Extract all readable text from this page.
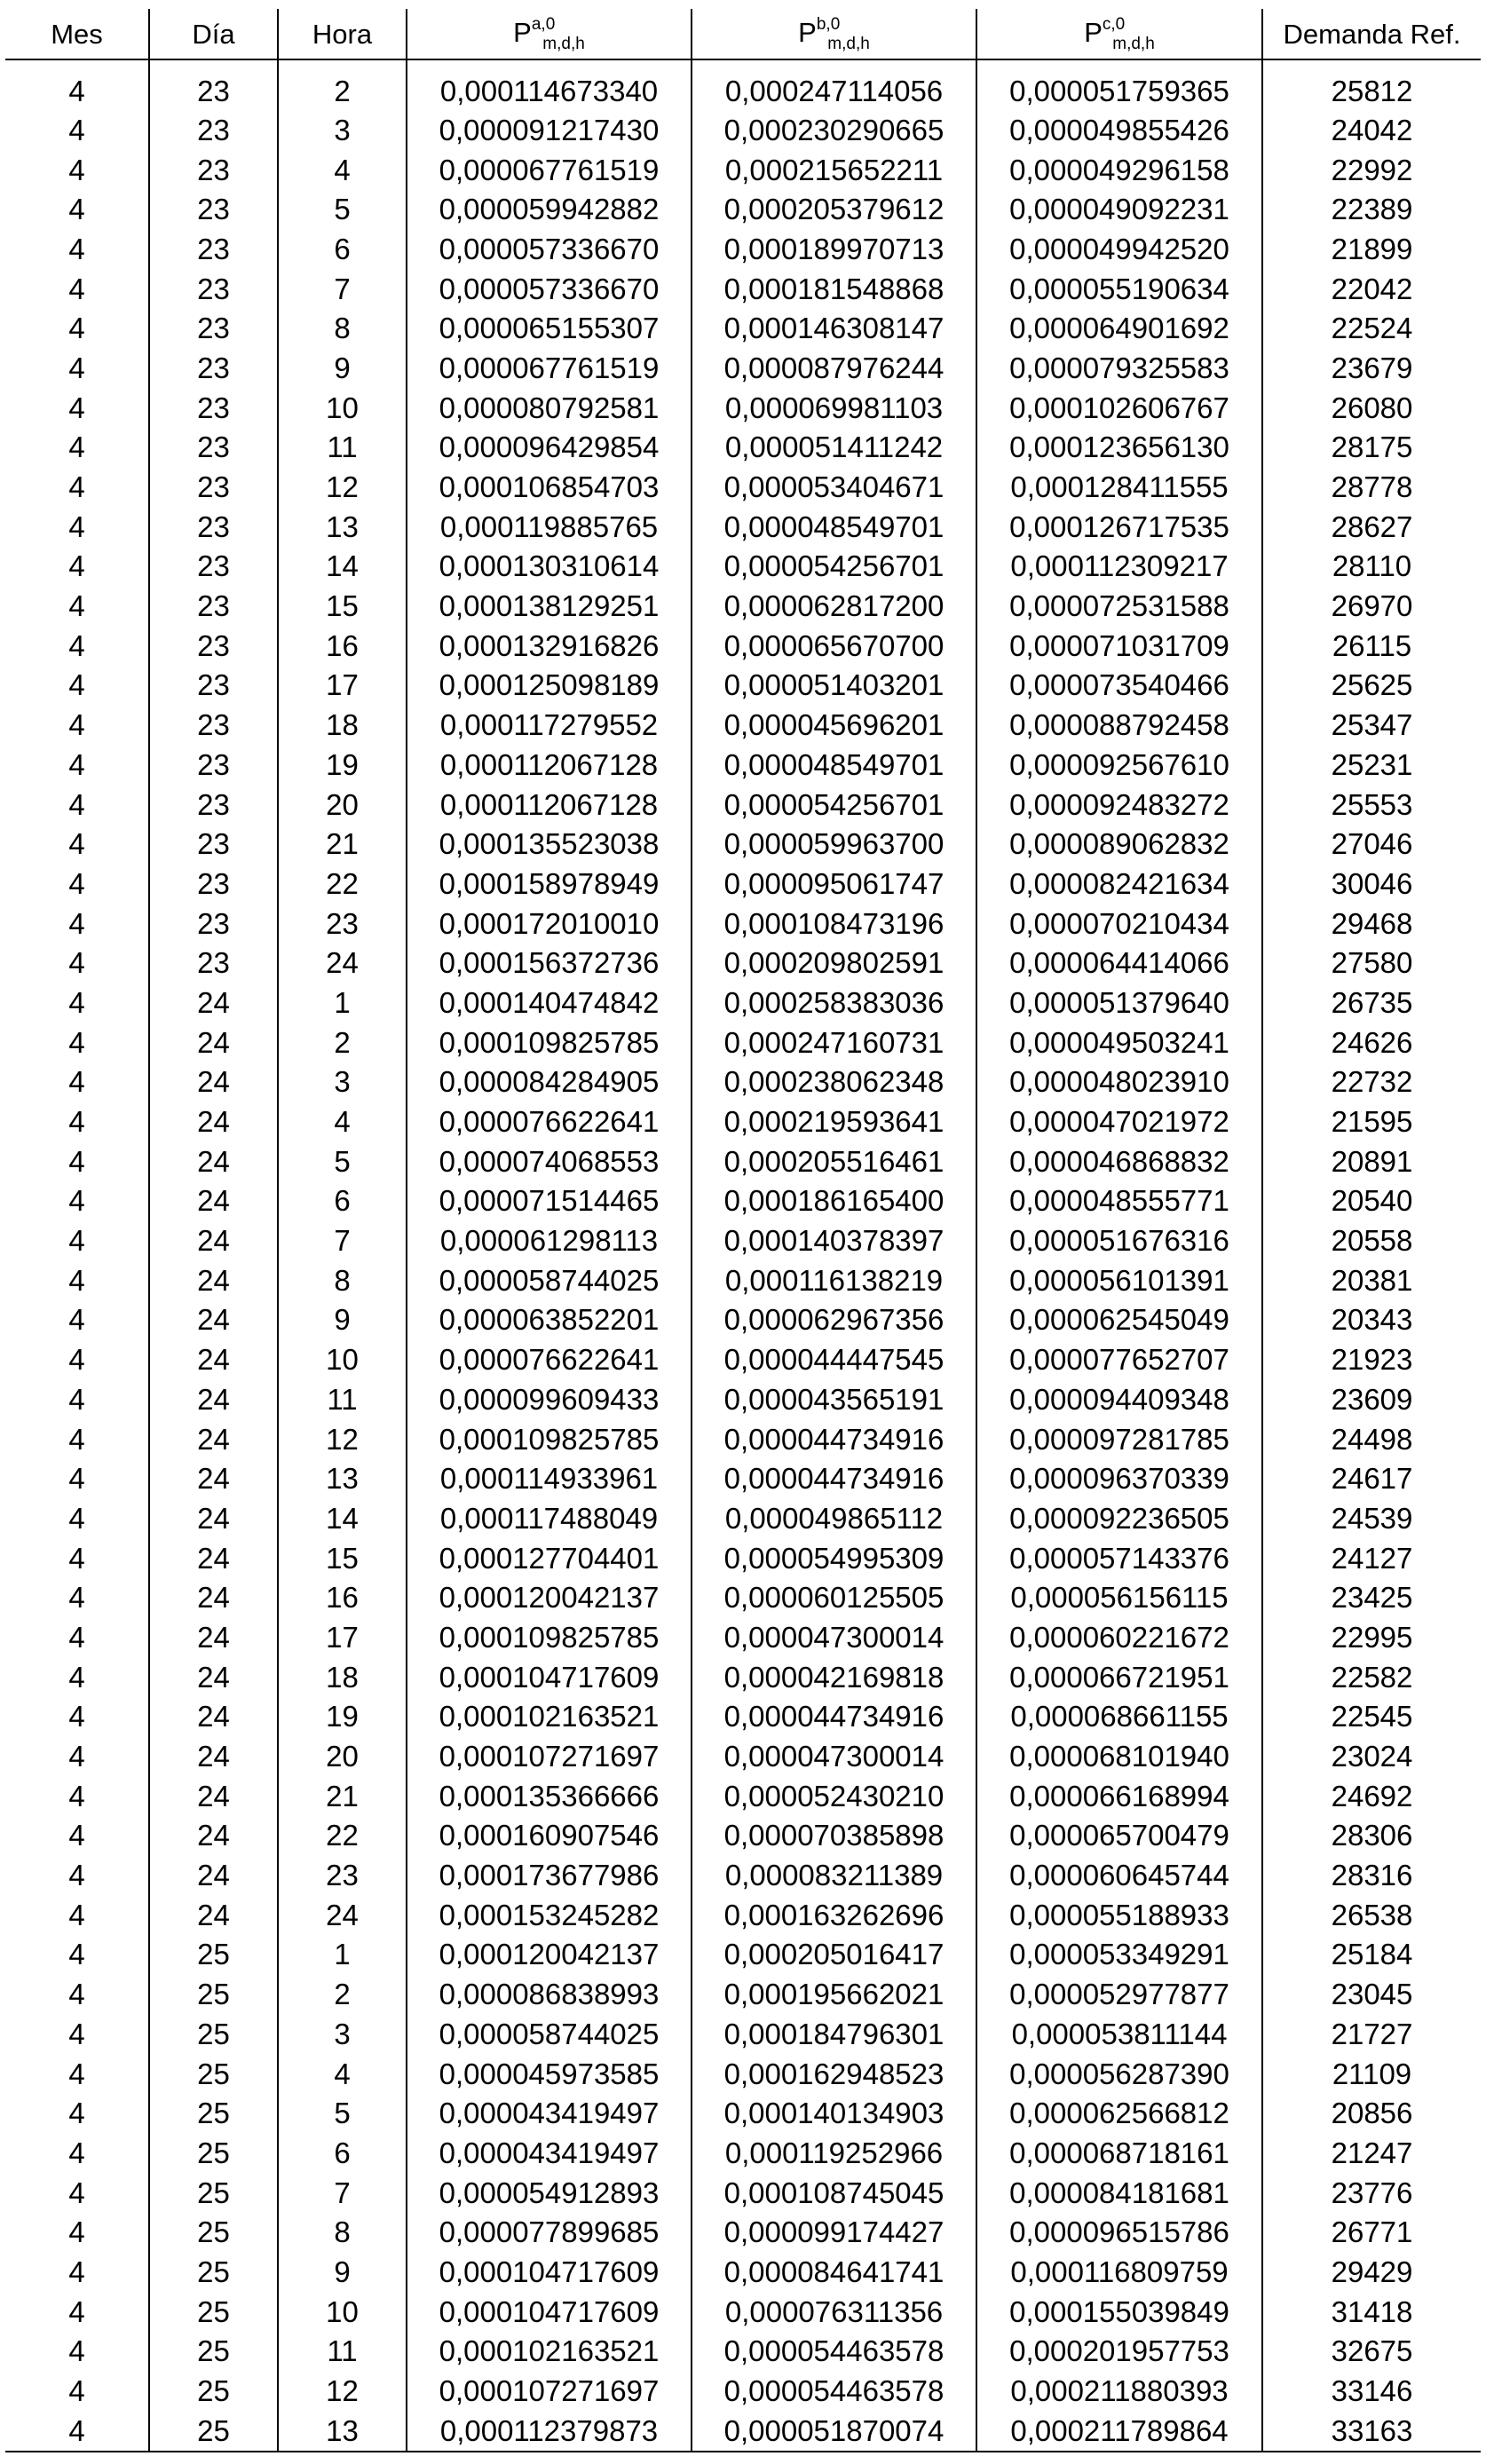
Mes	Día	Hora	P$^{a,0}_{m,d,h}$	P$^{b,0}_{m,d,h}$	P$^{c,0}_{m,d,h}$	Demanda Ref.
4	23	2	0,000114673340	0,000247114056	0,000051759365	25812
4	23	3	0,000091217430	0,000230290665	0,000049855426	24042
4	23	4	0,000067761519	0,000215652211	0,000049296158	22992
4	23	5	0,000059942882	0,000205379612	0,000049092231	22389
4	23	6	0,000057336670	0,000189970713	0,000049942520	21899
4	23	7	0,000057336670	0,000181548868	0,000055190634	22042
4	23	8	0,000065155307	0,000146308147	0,000064901692	22524
4	23	9	0,000067761519	0,000087976244	0,000079325583	23679
4	23	10	0,000080792581	0,000069981103	0,000102606767	26080
4	23	11	0,000096429854	0,000051411242	0,000123656130	28175
4	23	12	0,000106854703	0,000053404671	0,000128411555	28778
4	23	13	0,000119885765	0,000048549701	0,000126717535	28627
4	23	14	0,000130310614	0,000054256701	0,000112309217	28110
4	23	15	0,000138129251	0,000062817200	0,000072531588	26970
4	23	16	0,000132916826	0,000065670700	0,000071031709	26115
4	23	17	0,000125098189	0,000051403201	0,000073540466	25625
4	23	18	0,000117279552	0,000045696201	0,000088792458	25347
4	23	19	0,000112067128	0,000048549701	0,000092567610	25231
4	23	20	0,000112067128	0,000054256701	0,000092483272	25553
4	23	21	0,000135523038	0,000059963700	0,000089062832	27046
4	23	22	0,000158978949	0,000095061747	0,000082421634	30046
4	23	23	0,000172010010	0,000108473196	0,000070210434	29468
4	23	24	0,000156372736	0,000209802591	0,000064414066	27580
4	24	1	0,000140474842	0,000258383036	0,000051379640	26735
4	24	2	0,000109825785	0,000247160731	0,000049503241	24626
4	24	3	0,000084284905	0,000238062348	0,000048023910	22732
4	24	4	0,000076622641	0,000219593641	0,000047021972	21595
4	24	5	0,000074068553	0,000205516461	0,000046868832	20891
4	24	6	0,000071514465	0,000186165400	0,000048555771	20540
4	24	7	0,000061298113	0,000140378397	0,000051676316	20558
4	24	8	0,000058744025	0,000116138219	0,000056101391	20381
4	24	9	0,000063852201	0,000062967356	0,000062545049	20343
4	24	10	0,000076622641	0,000044447545	0,000077652707	21923
4	24	11	0,000099609433	0,000043565191	0,000094409348	23609
4	24	12	0,000109825785	0,000044734916	0,000097281785	24498
4	24	13	0,000114933961	0,000044734916	0,000096370339	24617
4	24	14	0,000117488049	0,000049865112	0,000092236505	24539
4	24	15	0,000127704401	0,000054995309	0,000057143376	24127
4	24	16	0,000120042137	0,000060125505	0,000056156115	23425
4	24	17	0,000109825785	0,000047300014	0,000060221672	22995
4	24	18	0,000104717609	0,000042169818	0,000066721951	22582
4	24	19	0,000102163521	0,000044734916	0,000068661155	22545
4	24	20	0,000107271697	0,000047300014	0,000068101940	23024
4	24	21	0,000135366666	0,000052430210	0,000066168994	24692
4	24	22	0,000160907546	0,000070385898	0,000065700479	28306
4	24	23	0,000173677986	0,000083211389	0,000060645744	28316
4	24	24	0,000153245282	0,000163262696	0,000055188933	26538
4	25	1	0,000120042137	0,000205016417	0,000053349291	25184
4	25	2	0,000086838993	0,000195662021	0,000052977877	23045
4	25	3	0,000058744025	0,000184796301	0,000053811144	21727
4	25	4	0,000045973585	0,000162948523	0,000056287390	21109
4	25	5	0,000043419497	0,000140134903	0,000062566812	20856
4	25	6	0,000043419497	0,000119252966	0,000068718161	21247
4	25	7	0,000054912893	0,000108745045	0,000084181681	23776
4	25	8	0,000077899685	0,000099174427	0,000096515786	26771
4	25	9	0,000104717609	0,000084641741	0,000116809759	29429
4	25	10	0,000104717609	0,000076311356	0,000155039849	31418
4	25	11	0,000102163521	0,000054463578	0,000201957753	32675
4	25	12	0,000107271697	0,000054463578	0,000211880393	33146
4	25	13	0,000112379873	0,000051870074	0,000211789864	33163
